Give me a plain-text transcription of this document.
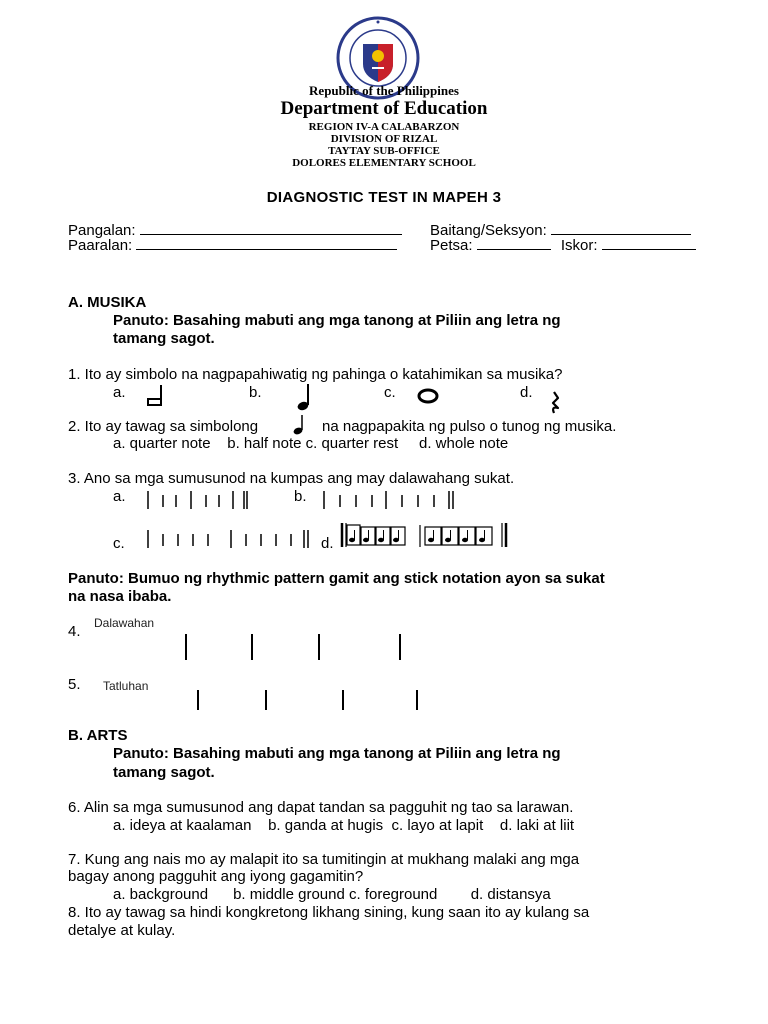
Republic of the Philippines
Department of Education
REGION IV-A CALABARZON
DIVISION OF RIZAL
TAYTAY SUB-OFFICE
DOLORES ELEMENTARY SCHOOL
DIAGNOSTIC TEST IN MAPEH 3
Pangalan:
Paaralan:
Baitang/Seksyon:
Petsa:	Iskor:
A. MUSIKA
Panuto: Basahing mabuti ang mga tanong at Piliin ang letra ng
tamang sagot.
1. Ito ay simbolo na nagpapahiwatig ng pahinga o katahimikan sa musika?
a.	b.	c.	d.
2. Ito ay tawag sa simbolong	na nagpapakita ng pulso o tunog ng musika.
a. quarter note    b. half note c. quarter rest     d. whole note
3. Ano sa mga sumusunod na kumpas ang may dalawahang sukat.
a.	b.
c.	d.
Panuto: Bumuo ng rhythmic pattern gamit ang stick notation ayon sa sukat
na nasa ibaba.
4. Dalawahan
5. Tatluhan
B. ARTS
Panuto: Basahing mabuti ang mga tanong at Piliin ang letra ng
tamang sagot.
6. Alin sa mga sumusunod ang dapat tandan sa pagguhit ng tao sa larawan.
a. ideya at kaalaman    b. ganda at hugis  c. layo at lapit    d. laki at liit
7. Kung ang nais mo ay malapit ito sa tumitingin at mukhang malaki ang mga
bagay anong pagguhit ang iyong gagamitin?
a. background      b. middle ground c. foreground        d. distansya
8. Ito ay tawag sa hindi kongkretong likhang sining, kung saan ito ay kulang sa
detalye at kulay.
